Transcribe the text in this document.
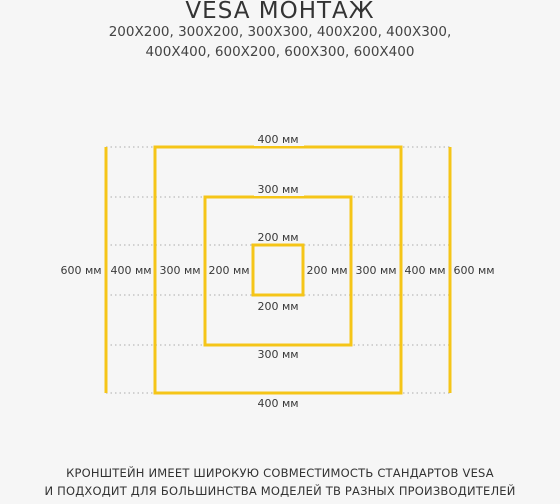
VESA МОНТАЖ
200X200, 300X200, 300X300, 400X200, 400X300,
400X400, 600X200, 600X300, 600X400
400 мм
300 мм
200 мм
200 мм
300 мм
400 мм
600 мм 400 мм 300 мм 200 мм	200 мм 300 мм 400 мм 600 мм
КРОНШТЕЙН ИМЕЕТ ШИРОКУЮ СОВМЕСТИМОСТЬ СТАНДАРТОВ VESA
И ПОДХОДИТ ДЛЯ БОЛЬШИНСТВА МОДЕЛЕЙ ТВ РАЗНЫХ ПРОИЗВОДИТЕЛЕЙ
